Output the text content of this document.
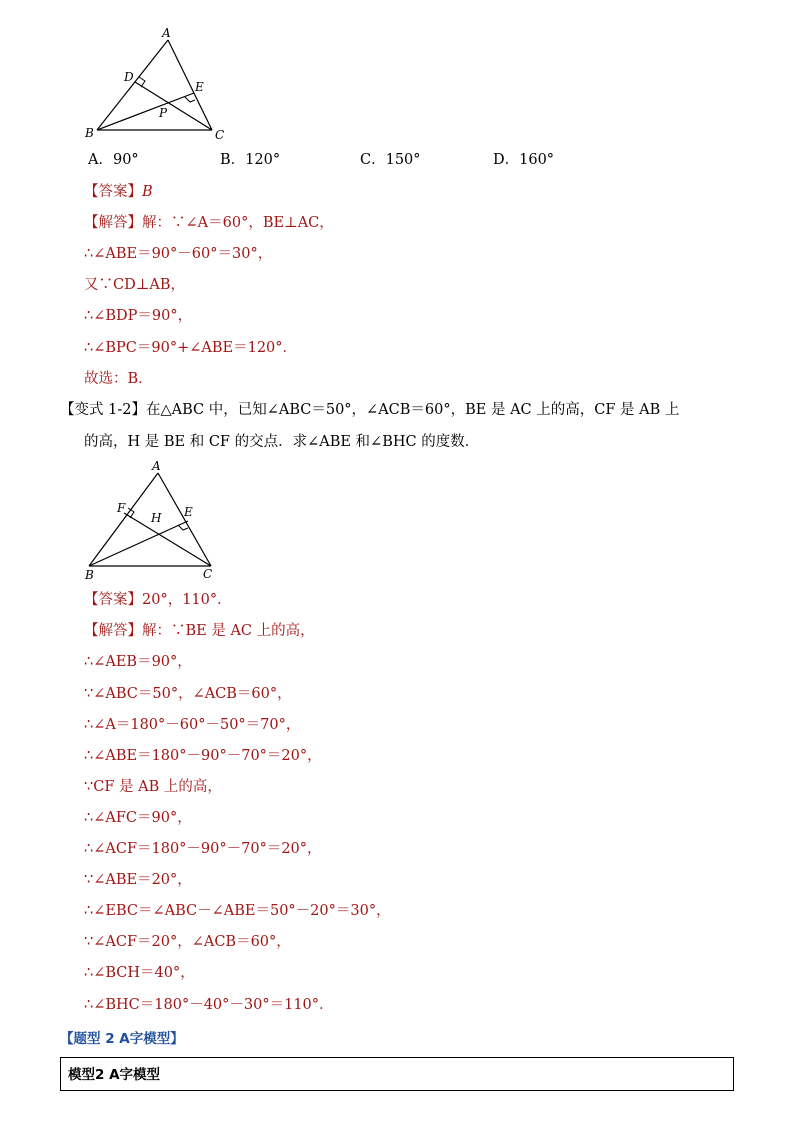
A
B	C
D
E
P
A．90°	B．120°	C．150°	D．160°
【答案】B
【解答】解：∵∠A＝60°，BE⊥AC，
∴∠ABE＝90°－60°＝30°，
又∵CD⊥AB，
∴∠BDP＝90°，
∴∠BPC＝90°+∠ABE＝120°．
故选：B．
【变式 1-2】在△ABC 中，已知∠ABC＝50°，∠ACB＝60°，BE 是 AC 上的高，CF 是 AB 上
的高，H 是 BE 和 CF 的交点．求∠ABE 和∠BHC 的度数．
A
B	C
E
F
H
【答案】20°，110°．
【解答】解：∵BE 是 AC 上的高，
∴∠AEB＝90°，
∵∠ABC＝50°，∠ACB＝60°，
∴∠A＝180°－60°－50°＝70°，
∴∠ABE＝180°－90°－70°＝20°，
∵CF 是 AB 上的高，
∴∠AFC＝90°，
∴∠ACF＝180°－90°－70°＝20°，
∵∠ABE＝20°，
∴∠EBC＝∠ABC－∠ABE＝50°－20°＝30°，
∵∠ACF＝20°，∠ACB＝60°，
∴∠BCH＝40°，
∴∠BHC＝180°－40°－30°＝110°．
【题型 2 A字模型】
模型2 A字模型
